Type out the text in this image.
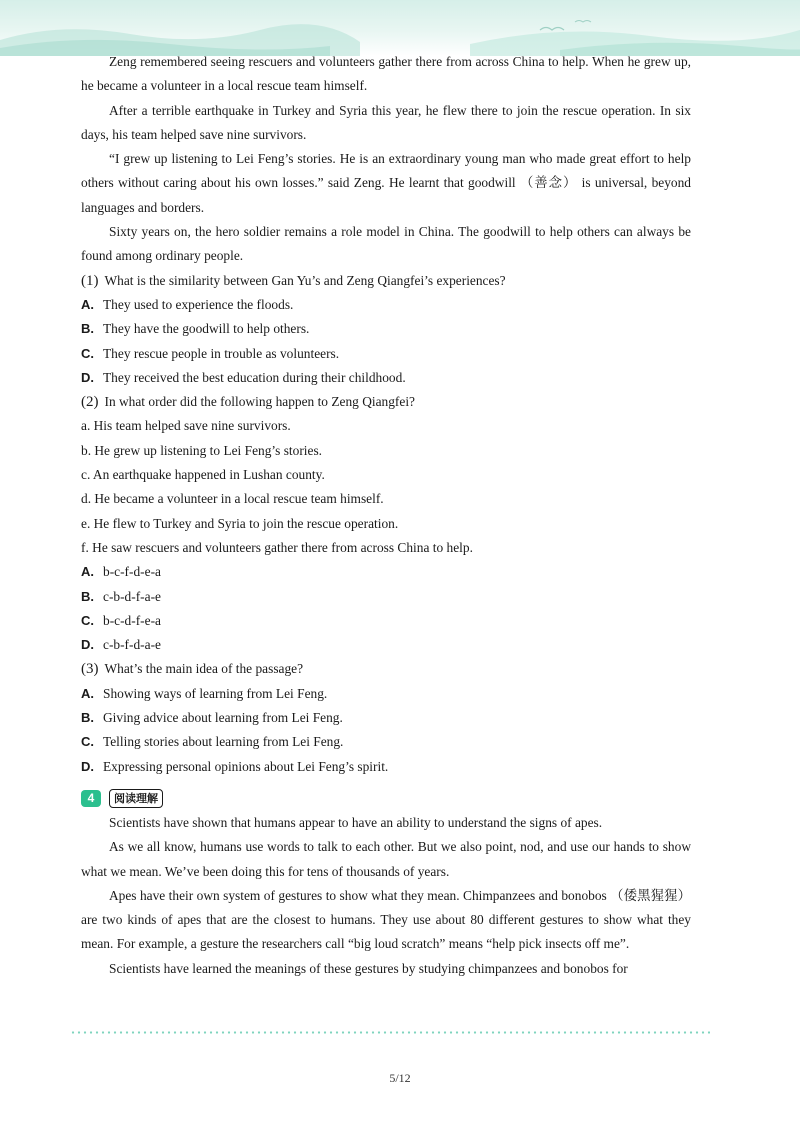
Zeng remembered seeing rescuers and volunteers gather there from across China to help. When he grew up, he became a volunteer in a local rescue team himself.

After a terrible earthquake in Turkey and Syria this year, he flew there to join the rescue operation. In six days, his team helped save nine survivors.

“I grew up listening to Lei Feng’s stories. He is an extraordinary young man who made great effort to help others without caring about his own losses.” said Zeng. He learnt that goodwill （善念） is universal, beyond languages and borders.

Sixty years on, the hero soldier remains a role model in China. The goodwill to help others can always be found among ordinary people.

(1) What is the similarity between Gan Yu’s and Zeng Qiangfei’s experiences?

A. They used to experience the floods.

B. They have the goodwill to help others.

C. They rescue people in trouble as volunteers.

D. They received the best education during their childhood.

(2) In what order did the following happen to Zeng Qiangfei?

a. His team helped save nine survivors.

b. He grew up listening to Lei Feng’s stories.

c. An earthquake happened in Lushan county.

d. He became a volunteer in a local rescue team himself.

e. He flew to Turkey and Syria to join the rescue operation.

f. He saw rescuers and volunteers gather there from across China to help.

A. b-c-f-d-e-a

B. c-b-d-f-a-e

C. b-c-d-f-e-a

D. c-b-f-d-a-e

(3) What’s the main idea of the passage?

A. Showing ways of learning from Lei Feng.

B. Giving advice about learning from Lei Feng.

C. Telling stories about learning from Lei Feng.

D. Expressing personal opinions about Lei Feng’s spirit.

4	阅读理解

Scientists have shown that humans appear to have an ability to understand the signs of apes.

As we all know, humans use words to talk to each other. But we also point, nod, and use our hands to show what we mean. We’ve been doing this for tens of thousands of years.

Apes have their own system of gestures to show what they mean. Chimpanzees and bonobos （倭黑猩猩） are two kinds of apes that are the closest to humans. They use about 80 different gestures to show what they mean. For example, a gesture the researchers call “big loud scratch” means “help pick insects off me”.

Scientists have learned the meanings of these gestures by studying chimpanzees and bonobos for

5/12
